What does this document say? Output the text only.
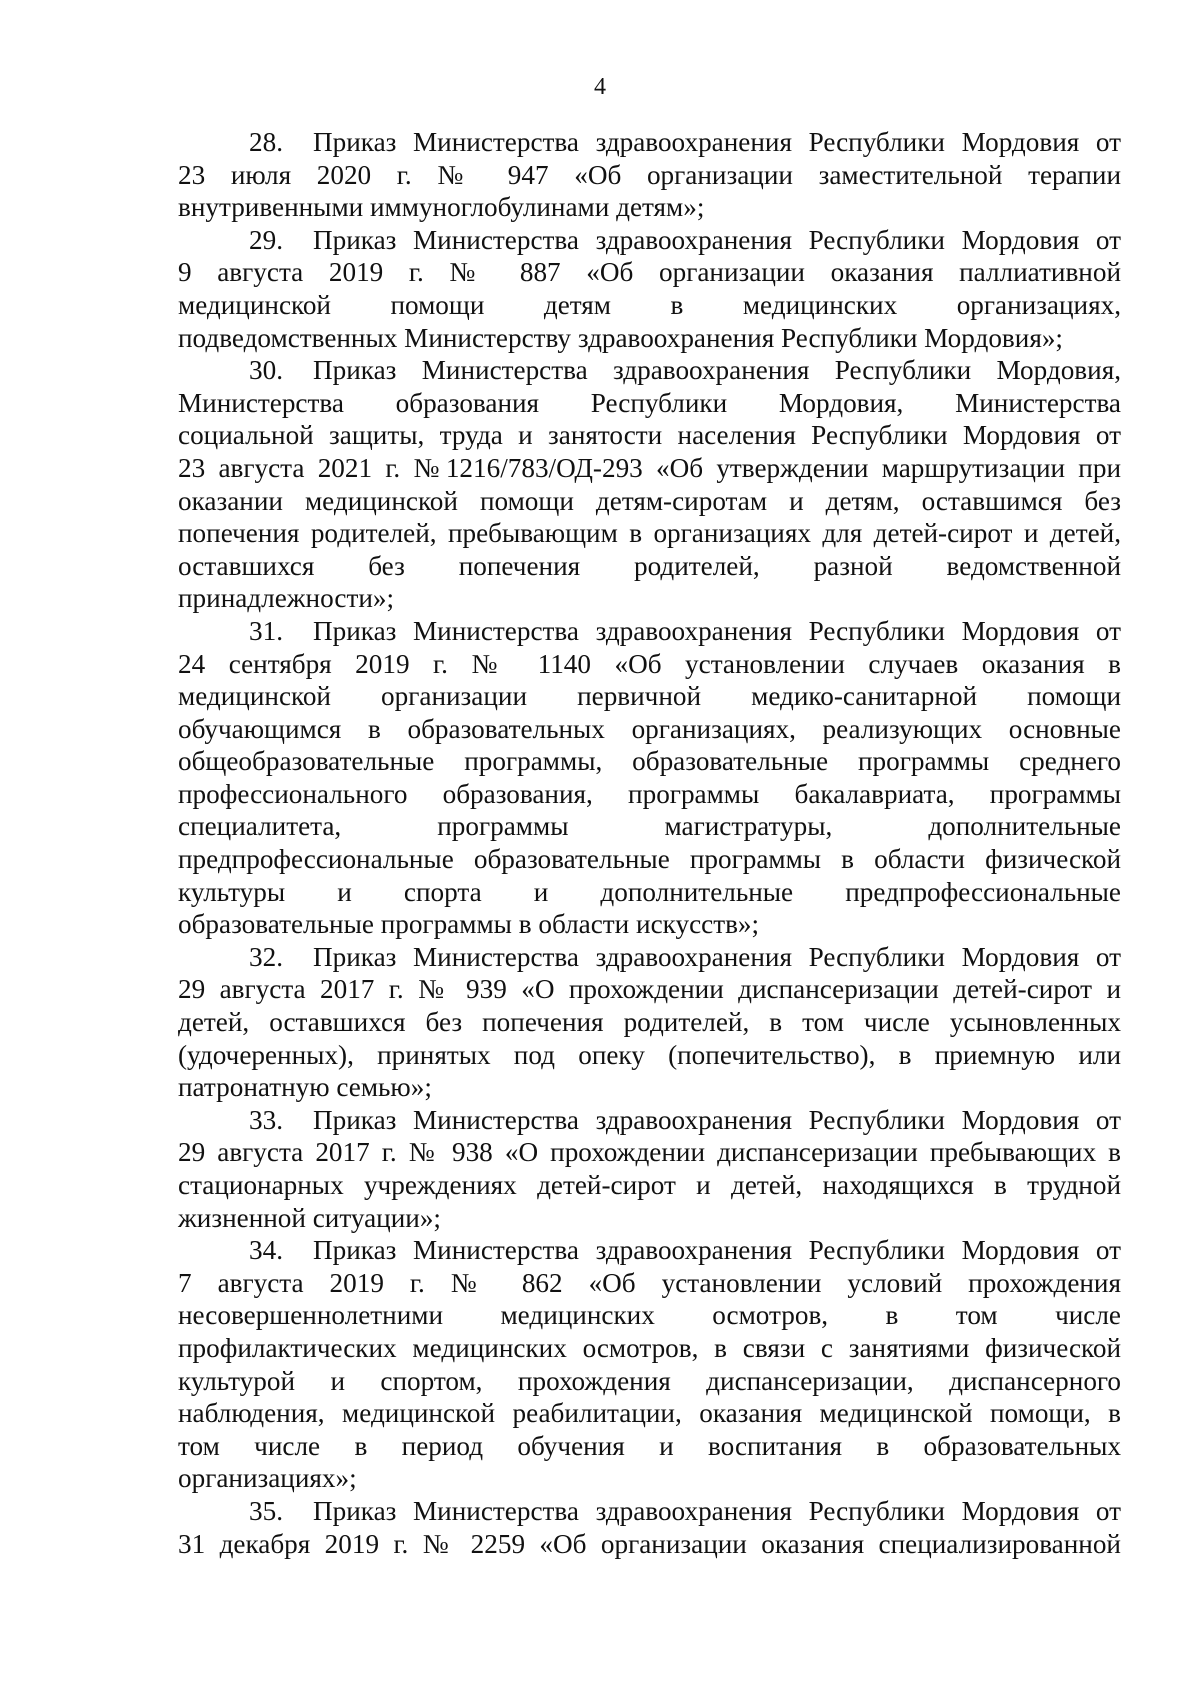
4
28. Приказ Министерства здравоохранения Республики Мордовия от
23 июля 2020 г. № 947 «Об организации заместительной терапии
внутривенными иммуноглобулинами детям»;
29. Приказ Министерства здравоохранения Республики Мордовия от
9 августа 2019 г. № 887 «Об организации оказания паллиативной
медицинской помощи детям в медицинских организациях,
подведомственных Министерству здравоохранения Республики Мордовия»;
30. Приказ Министерства здравоохранения Республики Мордовия,
Министерства образования Республики Мордовия, Министерства
социальной защиты, труда и занятости населения Республики Мордовия от
23 августа 2021 г. №1216/783/ОД-293 «Об утверждении маршрутизации при
оказании медицинской помощи детям-сиротам и детям, оставшимся без
попечения родителей, пребывающим в организациях для детей-сирот и детей,
оставшихся без попечения родителей, разной ведомственной
принадлежности»;
31. Приказ Министерства здравоохранения Республики Мордовия от
24 сентября 2019 г. № 1140 «Об установлении случаев оказания в
медицинской организации первичной медико-санитарной помощи
обучающимся в образовательных организациях, реализующих основные
общеобразовательные программы, образовательные программы среднего
профессионального образования, программы бакалавриата, программы
специалитета, программы магистратуры, дополнительные
предпрофессиональные образовательные программы в области физической
культуры и спорта и дополнительные предпрофессиональные
образовательные программы в области искусств»;
32. Приказ Министерства здравоохранения Республики Мордовия от
29 августа 2017 г. № 939 «О прохождении диспансеризации детей-сирот и
детей, оставшихся без попечения родителей, в том числе усыновленных
(удочеренных), принятых под опеку (попечительство), в приемную или
патронатную семью»;
33. Приказ Министерства здравоохранения Республики Мордовия от
29 августа 2017 г. № 938 «О прохождении диспансеризации пребывающих в
стационарных учреждениях детей-сирот и детей, находящихся в трудной
жизненной ситуации»;
34. Приказ Министерства здравоохранения Республики Мордовия от
7 августа 2019 г. № 862 «Об установлении условий прохождения
несовершеннолетними медицинских осмотров, в том числе
профилактических медицинских осмотров, в связи с занятиями физической
культурой и спортом, прохождения диспансеризации, диспансерного
наблюдения, медицинской реабилитации, оказания медицинской помощи, в
том числе в период обучения и воспитания в образовательных
организациях»;
35. Приказ Министерства здравоохранения Республики Мордовия от
31 декабря 2019 г. № 2259 «Об организации оказания специализированной
